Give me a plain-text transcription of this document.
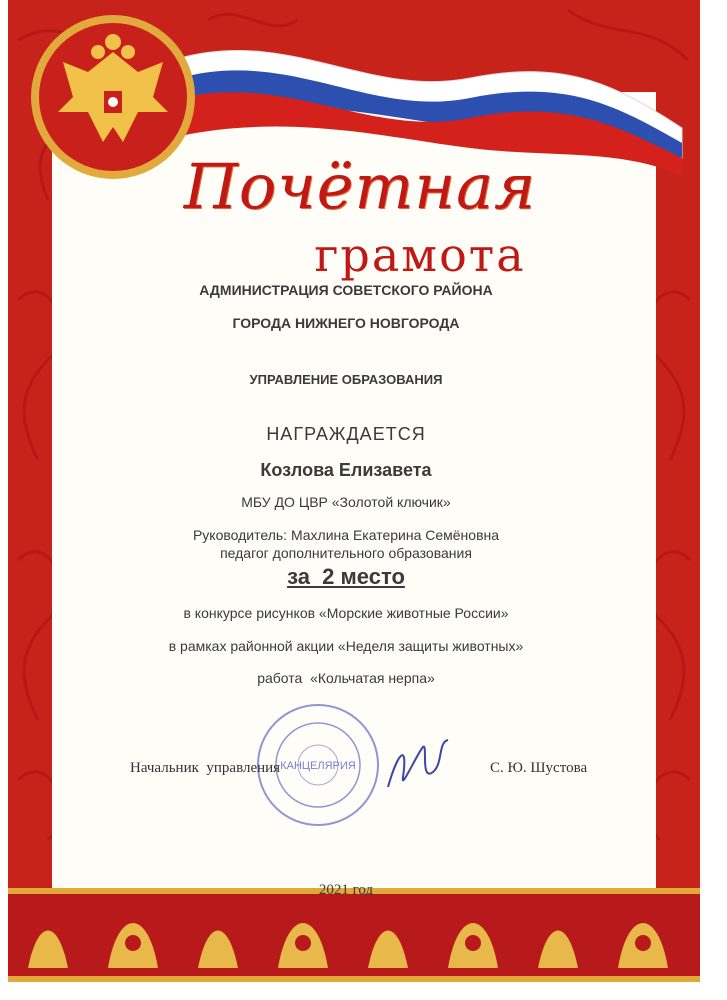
Почётная
грамота
АДМИНИСТРАЦИЯ СОВЕТСКОГО РАЙОНА
ГОРОДА НИЖНЕГО НОВГОРОДА
УПРАВЛЕНИЕ ОБРАЗОВАНИЯ
НАГРАЖДАЕТСЯ
Козлова Елизавета
МБУ ДО ЦВР «Золотой ключик»
Руководитель: Махлина Екатерина Семёновна
педагог дополнительного образования
за  2 место
в конкурсе рисунков «Морские животные России»
в рамках районной акции «Неделя защиты животных»
работа  «Кольчатая нерпа»
КАНЦЕЛЯРИЯ
Начальник  управления	С. Ю. Шустова
2021 год
